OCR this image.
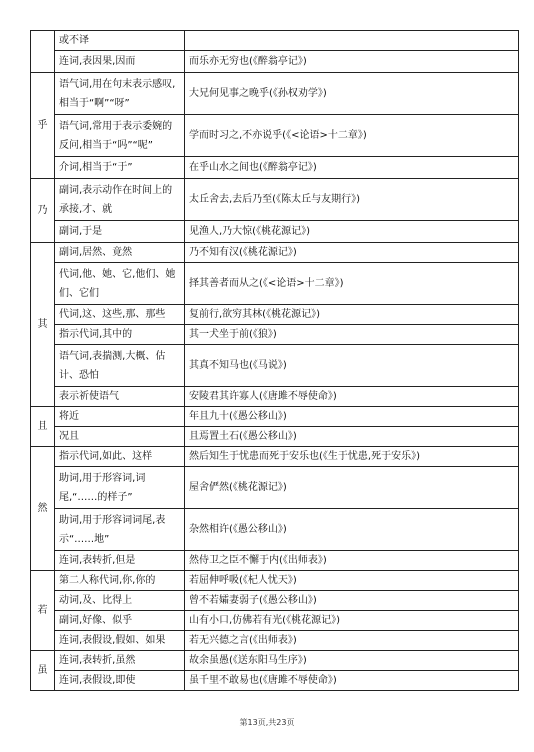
	或不译	
	连词,表因果,因而	而乐亦无穷也(《醉翁亭记》)
乎	语气词,用在句末表示感叹,相当于“啊”“呀”	大兄何见事之晚乎(《孙权劝学》)
	语气词,常用于表示委婉的反问,相当于“吗”“呢”	学而时习之,不亦说乎(《<论语>十二章》)
	介词,相当于“于”	在乎山水之间也(《醉翁亭记》)
乃	副词,表示动作在时间上的承接,才、就	太丘舍去,去后乃至(《陈太丘与友期行》)
	副词,于是	见渔人,乃大惊(《桃花源记》)
其	副词,居然、竟然	乃不知有汉(《桃花源记》)
	代词,他、她、它,他们、她们、它们	择其善者而从之(《<论语>十二章》)
	代词,这、这些,那、那些	复前行,欲穷其林(《桃花源记》)
	指示代词,其中的	其一犬坐于前(《狼》)
	语气词,表揣测,大概、估计、恐怕	其真不知马也(《马说》)
	表示祈使语气	安陵君其许寡人(《唐雎不辱使命》)
且	将近	年且九十(《愚公移山》)
	况且	且焉置土石(《愚公移山》)
然	指示代词,如此、这样	然后知生于忧患而死于安乐也(《生于忧患,死于安乐》)
	助词,用于形容词,词尾,“……的样子”	屋舍俨然(《桃花源记》)
	助词,用于形容词词尾,表示“……地”	杂然相许(《愚公移山》)
	连词,表转折,但是	然侍卫之臣不懈于内(《出师表》)
若	第二人称代词,你,你的	若屈伸呼吸(《杞人忧天》)
	动词,及、比得上	曾不若孀妻弱子(《愚公移山》)
	副词,好像、似乎	山有小口,仿佛若有光(《桃花源记》)
	连词,表假设,假如、如果	若无兴德之言(《出师表》)
虽	连词,表转折,虽然	故余虽愚(《送东阳马生序》)
	连词,表假设,即使	虽千里不敢易也(《唐雎不辱使命》)
第13页,共23页
